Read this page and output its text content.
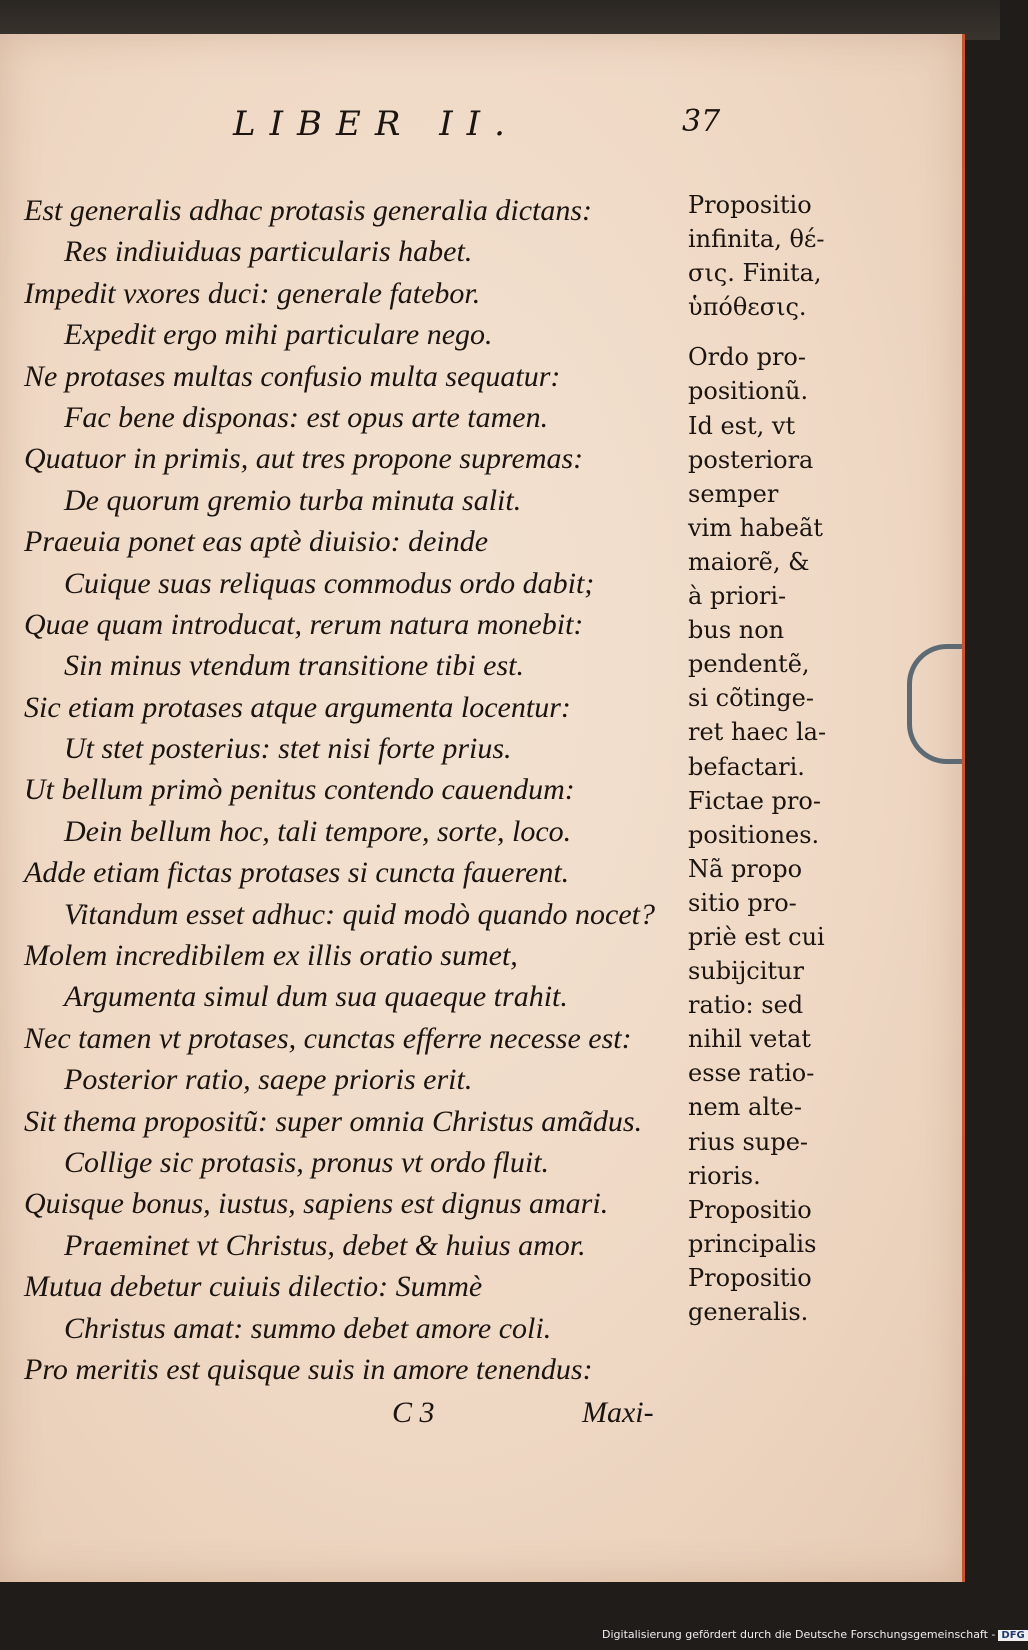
LIBER II.	37
Est generalis adhac protasis generalia dictans:
Res indiuiduas particularis habet.
Impedit vxores duci: generale fatebor.
Expedit ergo mihi particulare nego.
Ne protases multas confusio multa sequatur:
Fac bene disponas: est opus arte tamen.
Quatuor in primis, aut tres propone supremas:
De quorum gremio turba minuta salit.
Praeuia ponet eas aptè diuisio: deinde
Cuique suas reliquas commodus ordo dabit;
Quae quam introducat, rerum natura monebit:
Sin minus vtendum transitione tibi est.
Sic etiam protases atque argumenta locentur:
Ut stet posterius: stet nisi forte prius.
Ut bellum primò penitus contendo cauendum:
Dein bellum hoc, tali tempore, sorte, loco.
Adde etiam fictas protases si cuncta fauerent.
Vitandum esset adhuc: quid modò quando nocet?
Molem incredibilem ex illis oratio sumet,
Argumenta simul dum sua quaeque trahit.
Nec tamen vt protases, cunctas efferre necesse est:
Posterior ratio, saepe prioris erit.
Sit thema propositũ: super omnia Christus amãdus.
Collige sic protasis, pronus vt ordo fluit.
Quisque bonus, iustus, sapiens est dignus amari.
Praeminet vt Christus, debet & huius amor.
Mutua debetur cuiuis dilectio: Summè
Christus amat: summo debet amore coli.
Pro meritis est quisque suis in amore tenendus:
Propositio
infinita, θέ-
σις. Finita,
ὑπόθεσις.
Ordo pro-
positionũ.
Id est, vt
posteriora
semper
vim habeãt
maiorẽ, &
à priori-
bus non
pendentẽ,
si cõtinge-
ret haec la-
befactari.
Fictae pro-
positiones.
Nã propo
sitio pro-
priè est cui
subijcitur
ratio: sed
nihil vetat
esse ratio-
nem alte-
rius supe-
rioris.
Propositio
principalis
Propositio
generalis.
C 3	Maxi-
Digitalisierung gefördert durch die Deutsche Forschungsgemeinschaft - DFG
